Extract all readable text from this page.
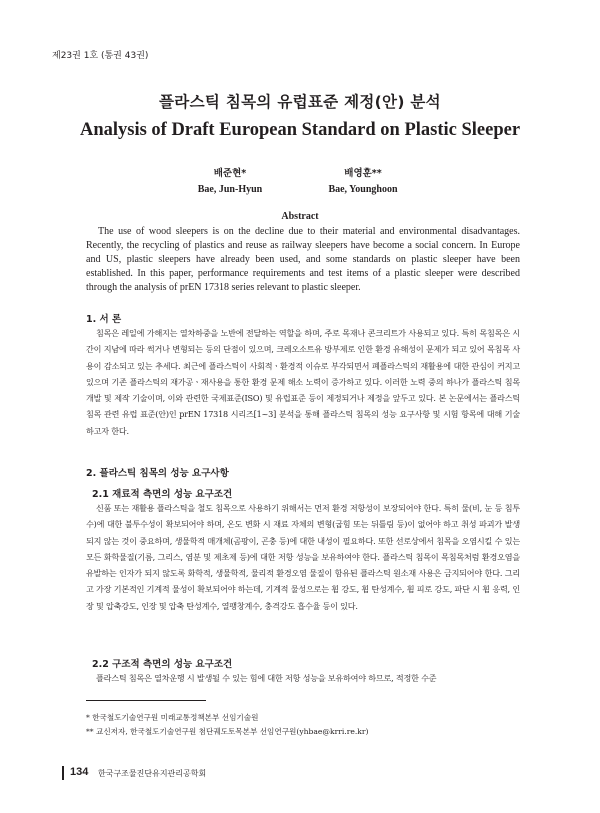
제23권 1호 (통권 43권)
플라스틱 침목의 유럽표준 제정(안) 분석
Analysis of Draft European Standard on Plastic Sleeper
배준현*
Bae, Jun-Hyun
배영훈**
Bae, Younghoon
Abstract
The use of wood sleepers is on the decline due to their material and environmental disadvantages. Recently, the recycling of plastics and reuse as railway sleepers have become a social concern. In Europe and US, plastic sleepers have already been used, and some standards on plastic sleeper have been established. In this paper, performance requirements and test items of a plastic sleeper were described through the analysis of prEN 17318 series relevant to plastic sleeper.
1. 서 론
침목은 레일에 가해지는 열차하중을 노반에 전달하는 역할을 하며, 주로 목재나 콘크리트가 사용되고 있다. 특히 목침목은 시간이 지남에 따라 썩거나 변형되는 등의 단점이 있으며, 크레오소트유 방부제로 인한 환경 유해성이 문제가 되고 있어 목침목 사용이 감소되고 있는 추세다. 최근에 플라스틱이 사회적ㆍ환경적 이슈로 부각되면서 폐플라스틱의 재활용에 대한 관심이 커지고 있으며 기존 플라스틱의 재가공ㆍ재사용을 통한 환경 문제 해소 노력이 증가하고 있다. 이러한 노력 중의 하나가 플라스틱 침목 개발 및 제작 기술이며, 이와 관련한 국제표준(ISO) 및 유럽표준 등이 제정되거나 제정을 앞두고 있다. 본 논문에서는 플라스틱 침목 관련 유럽 표준(안)인 prEN 17318 시리즈[1~3] 분석을 통해 플라스틱 침목의 성능 요구사항 및 시험 항목에 대해 기술하고자 한다.
2. 플라스틱 침목의 성능 요구사항
2.1 재료적 측면의 성능 요구조건
신품 또는 재활용 플라스틱을 철도 침목으로 사용하기 위해서는 먼저 환경 저항성이 보장되어야 한다. 특히 물(비, 눈 등 침투수)에 대한 불투수성이 확보되어야 하며, 온도 변화 시 재료 자체의 변형(굽힘 또는 뒤틀림 등)이 없어야 하고 취성 파괴가 발생되지 않는 것이 중요하며, 생물학적 매개체(곰팡이, 곤충 등)에 대한 내성이 필요하다. 또한 선로상에서 침목을 오염시킬 수 있는 모든 화학물질(기름, 그리스, 염분 및 제초제 등)에 대한 저항 성능을 보유하여야 한다. 플라스틱 침목이 목침목처럼 환경오염을 유발하는 인자가 되지 않도록 화학적, 생물학적, 물리적 환경오염 물질이 함유된 플라스틱 원소재 사용은 금지되어야 한다. 그리고 가장 기본적인 기계적 물성이 확보되어야 하는데, 기계적 물성으로는 휨 강도, 휨 탄성계수, 휨 피로 강도, 파단 시 휨 응력, 인장 및 압축강도, 인장 및 압축 탄성계수, 열팽창계수, 충격강도 흡수율 등이 있다.
2.2 구조적 측면의 성능 요구조건
플라스틱 침목은 열차운행 시 발생될 수 있는 힘에 대한 저항 성능을 보유하여야 하므로, 적정한 수준
* 한국철도기술연구원 미래교통정책본부 선임기술원
** 교신저자, 한국철도기술연구원 첨단궤도토목본부 선임연구원(yhbae@krri.re.kr)
134 한국구조물진단유지관리공학회
